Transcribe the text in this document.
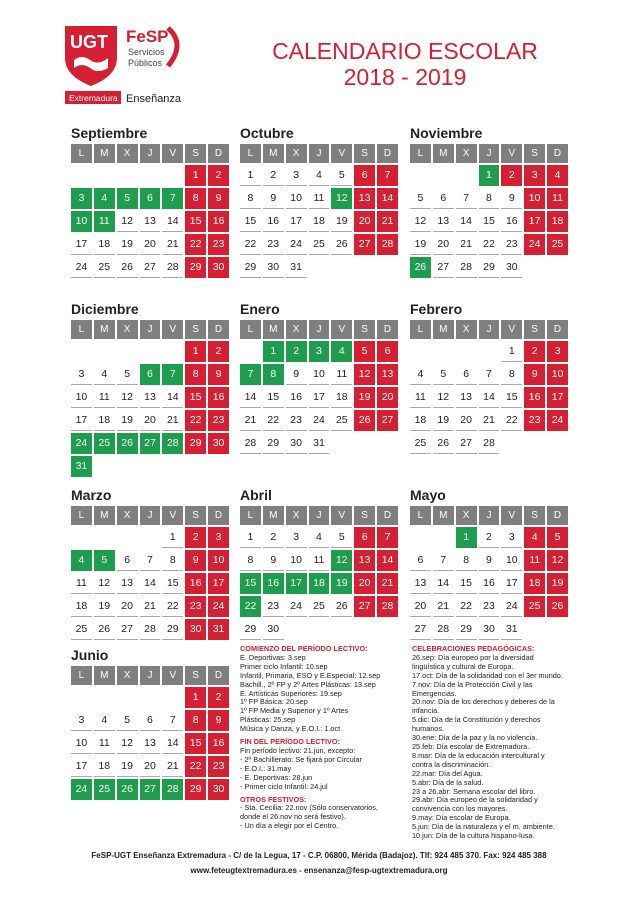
UGT FeSP
Servicios
Públicos
Extremadura Enseñanza
CALENDARIO ESCOLAR
2018 - 2019
Septiembre
L	M	X	J	V	S	D
					1	2
3	4	5	6	7	8	9
10	11	12	13	14	15	16
17	18	19	20	21	22	23
24	25	26	27	28	29	30
Octubre
L	M	X	J	V	S	D
1	2	3	4	5	6	7
8	9	10	11	12	13	14
15	16	17	18	19	20	21
22	23	24	25	26	27	28
29	30	31				
Noviembre
L	M	X	J	V	S	D
			1	2	3	4
5	6	7	8	9	10	11
12	13	14	15	16	17	18
19	20	21	22	23	24	25
26	27	28	29	30		
Diciembre
L	M	X	J	V	S	D
					1	2
3	4	5	6	7	8	9
10	11	12	13	14	15	16
17	18	19	20	21	22	23
24	25	26	27	28	29	30
31						
Enero
L	M	X	J	V	S	D
	1	2	3	4	5	6
7	8	9	10	11	12	13
14	15	16	17	18	19	20
21	22	23	24	25	26	27
28	29	30	31			
Febrero
L	M	X	J	V	S	D
				1	2	3
4	5	6	7	8	9	10
11	12	13	14	15	16	17
18	19	20	21	22	23	24
25	26	27	28			
Marzo
L	M	X	J	V	S	D
				1	2	3
4	5	6	7	8	9	10
11	12	13	14	15	16	17
18	19	20	21	22	23	24
25	26	27	28	29	30	31
Abril
L	M	X	J	V	S	D
1	2	3	4	5	6	7
8	9	10	11	12	13	14
15	16	17	18	19	20	21
22	23	24	25	26	27	28
29	30					
Mayo
L	M	X	J	V	S	D
		1	2	3	4	5
6	7	8	9	10	11	12
13	14	15	16	17	18	19
20	21	22	23	24	25	26
27	28	29	30	31		
Junio
L	M	X	J	V	S	D
					1	2
3	4	5	6	7	8	9
10	11	12	13	14	15	16
17	18	19	20	21	22	23
24	25	26	27	28	29	30
COMIENZO DEL PERÍODO LECTIVO:
E. Deportivas: 3.sep
Primer ciclo Infantil: 10.sep
Infantil, Primaria, ESO y E.Especial: 12.sep
Bachill., 2º FP y 2º Artes Plásticas: 13.sep
E. Artísticas Superiores: 19.sep
1º FP Básica: 20.sep
1º FP Media y Superior y 1º Artes
Plásticas: 25.sep
Música y Danza, y E.O.I.: 1.oct
FIN DEL PERÍODO LECTIVO:
Fin período lectivo: 21.jun, excepto:
- 2º Bachillerato: Se fijará por Circular
- E.O.I.: 31.may
- E. Deportivas: 28.jun
- Primer ciclo Infantil: 24.jul
OTROS FESTIVOS:
- Sta. Cecilia: 22.nov (Sólo conservatorios,
donde el 26.nov no será festivo).
- Un día a elegir por el Centro.
CELEBRACIONES PEDAGÓGICAS:
26.sep: Día europeo por la diversidad
lingüística y cultural de Europa.
17.oct: Día de la solidaridad con el 3er mundo.
7.nov: Día de la Protección Civil y las
Emergencias.
20.nov: Día de los derechos y deberes de la
infancia.
5.dic: Día de la Constitución y derechos
humanos.
30.ene: Día de la paz y la no violencia.
25.feb: Día escolar de Extremadura.
8.mar: Día de la educación intercultural y
contra la discriminación.
22.mar: Día del Agua.
5.abr: Día de la salud.
23 a 26.abr: Semana escolar del libro.
29.abr: Día europeo de la solidaridad y
convivencia con los mayores.
9.may: Día escolar de Europa.
5.jun: Día de la naturaleza y el m. ambiente.
10.jun: Día de la cultura hispano-lusa.
FeSP-UGT Enseñanza Extremadura - C/ de la Legua, 17 - C.P. 06800, Mérida (Badajoz). Tlf: 924 485 370. Fax: 924 485 388
www.feteugtextremadura.es - ensenanza@fesp-ugtextremadura.org
